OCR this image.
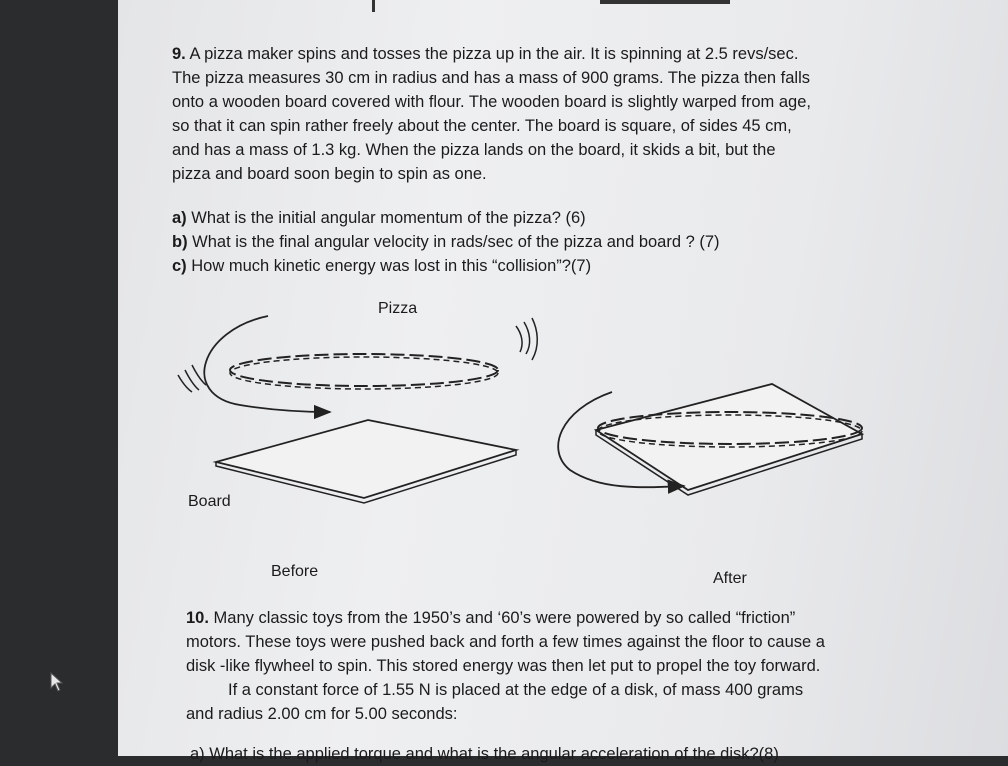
9. A pizza maker spins and tosses the pizza up in the air. It is spinning at 2.5 revs/sec.
The pizza measures 30 cm in radius and has a mass of 900 grams. The pizza then falls
onto a wooden board covered with flour. The wooden board is slightly warped from age,
so that it can spin rather freely about the center. The board is square, of sides 45 cm,
and has a mass of 1.3 kg. When the pizza lands on the board, it skids a bit, but the
pizza and board soon begin to spin as one.
a) What is the initial angular momentum of the pizza? (6)
b) What is the final angular velocity in rads/sec of the pizza and board ? (7)
c) How much kinetic energy was lost in this “collision”?(7)
Pizza
Board
Before	After
10. Many classic toys from the 1950’s and ‘60’s were powered by so called “friction”
motors. These toys were pushed back and forth a few times against the floor to cause a
disk -like flywheel to spin. This stored energy was then let put to propel the toy forward.
If a constant force of 1.55 N is placed at the edge of a disk, of mass 400 grams
and radius 2.00 cm for 5.00 seconds:
a) What is the applied torque and what is the angular acceleration of the disk?(8)
